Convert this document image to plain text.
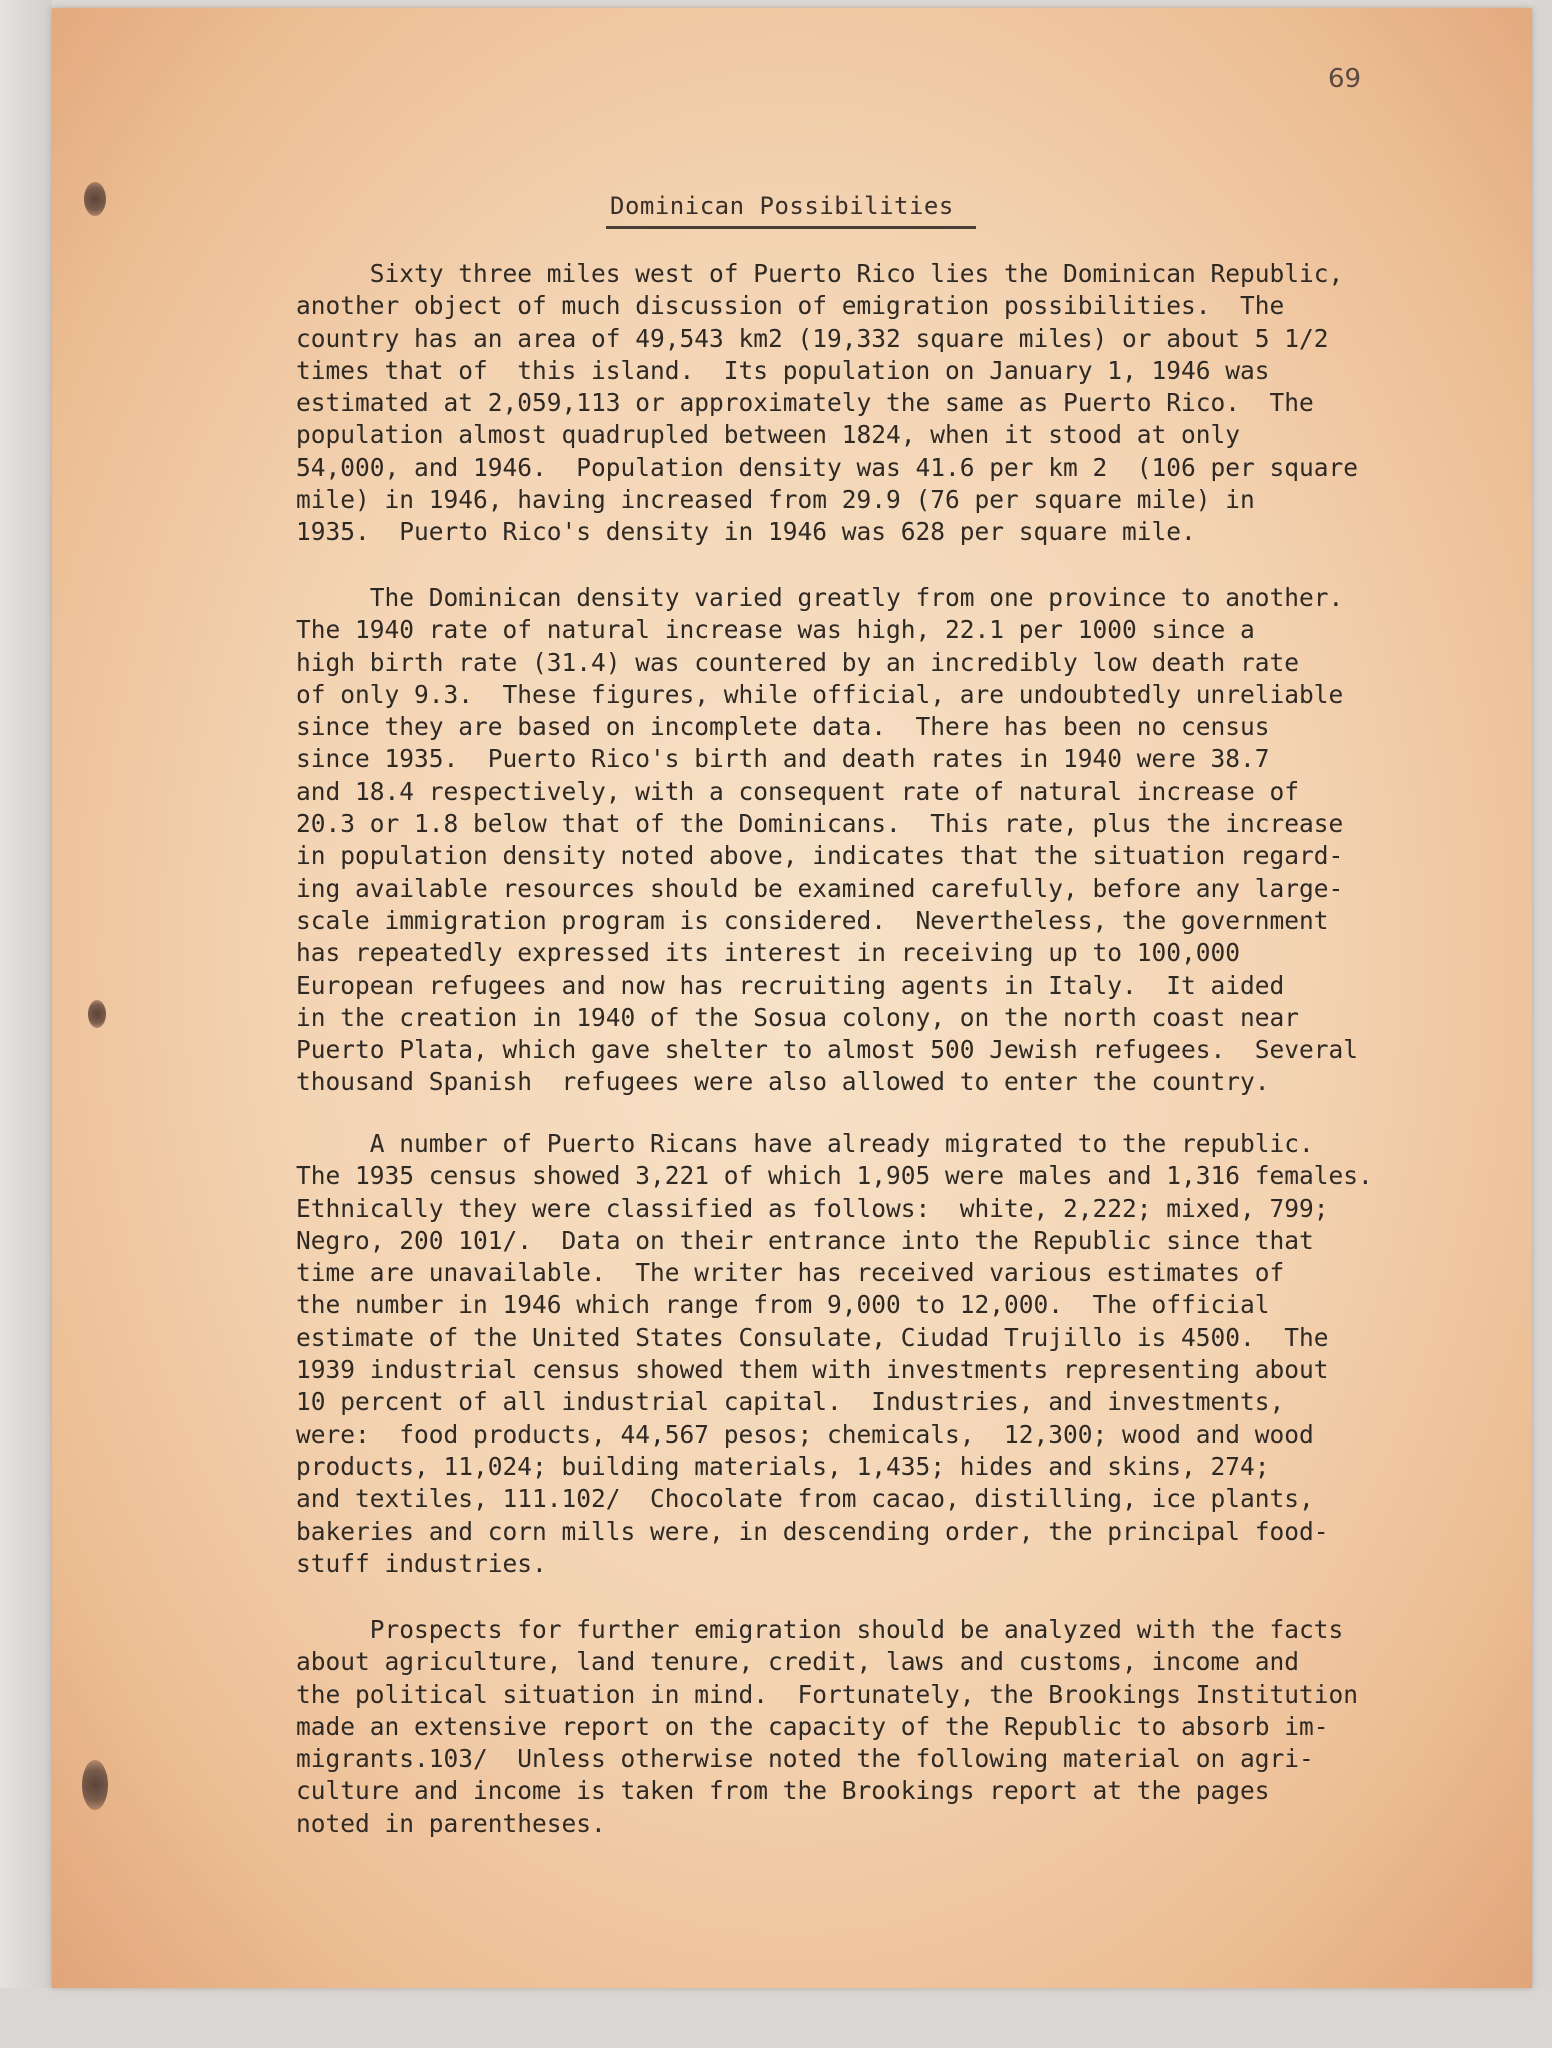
69
Dominican Possibilities

Sixty three miles west of Puerto Rico lies the Dominican Republic,
another object of much discussion of emigration possibilities.  The
country has an area of 49,543 km2 (19,332 square miles) or about 5 1/2
times that of  this island.  Its population on January 1, 1946 was
estimated at 2,059,113 or approximately the same as Puerto Rico.  The
population almost quadrupled between 1824, when it stood at only
54,000, and 1946.  Population density was 41.6 per km 2  (106 per square
mile) in 1946, having increased from 29.9 (76 per square mile) in
1935.  Puerto Rico's density in 1946 was 628 per square mile.

The Dominican density varied greatly from one province to another.
The 1940 rate of natural increase was high, 22.1 per 1000 since a
high birth rate (31.4) was countered by an incredibly low death rate
of only 9.3.  These figures, while official, are undoubtedly unreliable
since they are based on incomplete data.  There has been no census
since 1935.  Puerto Rico's birth and death rates in 1940 were 38.7
and 18.4 respectively, with a consequent rate of natural increase of
20.3 or 1.8 below that of the Dominicans.  This rate, plus the increase
in population density noted above, indicates that the situation regard-
ing available resources should be examined carefully, before any large-
scale immigration program is considered.  Nevertheless, the government
has repeatedly expressed its interest in receiving up to 100,000
European refugees and now has recruiting agents in Italy.  It aided
in the creation in 1940 of the Sosua colony, on the north coast near
Puerto Plata, which gave shelter to almost 500 Jewish refugees.  Several
thousand Spanish  refugees were also allowed to enter the country.

A number of Puerto Ricans have already migrated to the republic.
The 1935 census showed 3,221 of which 1,905 were males and 1,316 females.
Ethnically they were classified as follows:  white, 2,222; mixed, 799;
Negro, 200 101/.  Data on their entrance into the Republic since that
time are unavailable.  The writer has received various estimates of
the number in 1946 which range from 9,000 to 12,000.  The official
estimate of the United States Consulate, Ciudad Trujillo is 4500.  The
1939 industrial census showed them with investments representing about
10 percent of all industrial capital.  Industries, and investments,
were:  food products, 44,567 pesos; chemicals,  12,300; wood and wood
products, 11,024; building materials, 1,435; hides and skins, 274;
and textiles, 111.102/  Chocolate from cacao, distilling, ice plants,
bakeries and corn mills were, in descending order, the principal food-
stuff industries.

Prospects for further emigration should be analyzed with the facts
about agriculture, land tenure, credit, laws and customs, income and
the political situation in mind.  Fortunately, the Brookings Institution
made an extensive report on the capacity of the Republic to absorb im-
migrants.103/  Unless otherwise noted the following material on agri-
culture and income is taken from the Brookings report at the pages
noted in parentheses.
